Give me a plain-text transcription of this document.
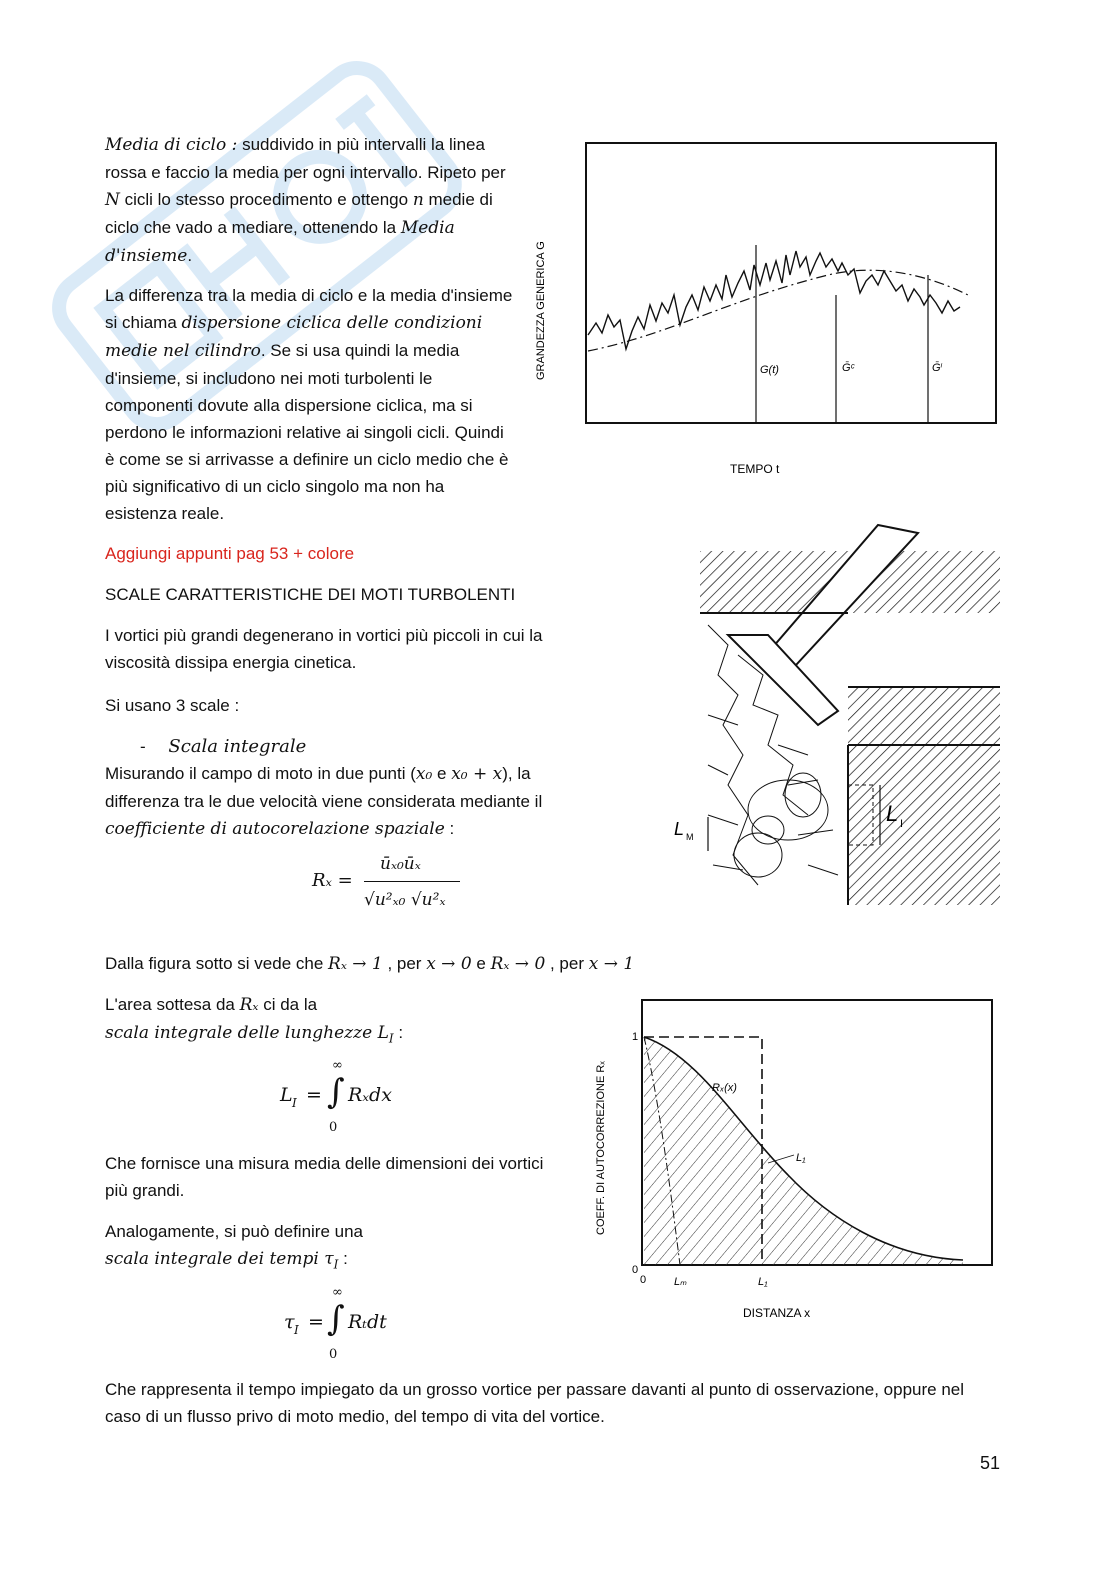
Media di ciclo : suddivido in più intervalli la linea rossa e faccio la media per ogni intervallo. Ripeto per N cicli lo stesso procedimento e ottengo n medie di ciclo che vado a mediare, ottenendo la Media d'insieme.
La differenza tra la media di ciclo e la media d'insieme si chiama dispersione ciclica delle condizioni medie nel cilindro. Se si usa quindi la media d'insieme, si includono nei moti turbolenti le componenti dovute alla dispersione ciclica, ma si perdono le informazioni relative ai singoli cicli. Quindi è come se si arrivasse a definire un ciclo medio che è più significativo di un ciclo singolo ma non ha esistenza reale.
Aggiungi appunti pag 53 + colore
SCALE CARATTERISTICHE DEI MOTI TURBOLENTI
I vortici più grandi degenerano in vortici più piccoli in cui la viscosità dissipa energia cinetica.
Si usano 3 scale :
- Scala integrale
Misurando il campo di moto in due punti (x₀ e x₀ + x), la differenza tra le due velocità viene considerata mediante il coefficiente di autocorelazione spaziale :
Rₓ =
ūₓ₀ūₓ
√u²ₓ₀ √u²ₓ
Dalla figura sotto si vede che Rₓ → 1 , per x → 0 e Rₓ → 0 , per x → 1
L'area sottesa da Rₓ ci da la
scala integrale delle lunghezze $L_I$ :
L I =
∞
∫
0
Rₓdx
Che fornisce una misura media delle dimensioni dei vortici più grandi.
Analogamente, si può definire una
scala integrale dei tempi $\tau_I$ :
τ I =
∞
∫
0
Rₜdt
Che rappresenta il tempo impiegato da un grosso vortice per passare davanti al punto di osservazione, oppure nel caso di un flusso privo di moto medio, del tempo di vita del vortice.
51
GRANDEZZA GENERICA G
TEMPO t
G(t)	Ḡᶜ	Ḡⁱ
L I
L M
COEFF. DI AUTOCORREZIONE Rₓ
DISTANZA x
1
0
0
Rₓ(x)
L₁
Lₘ	L₁
